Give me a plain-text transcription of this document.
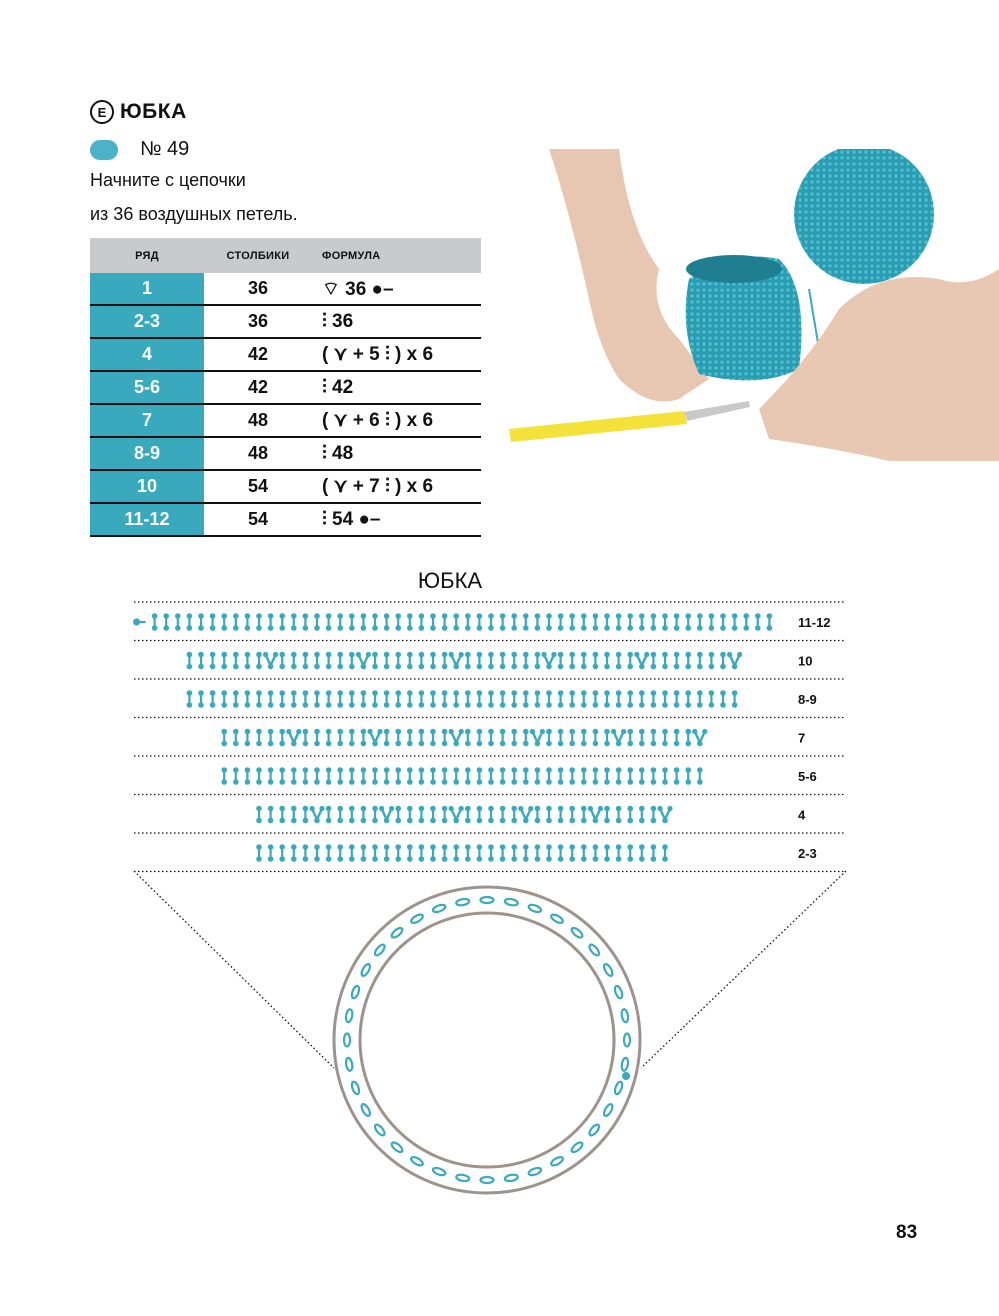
E ЮБКА
№ 49
Начните с цепочки
из 36 воздушных петель.
РЯД	СТОЛБИКИ	ФОРМУЛА
1	36	⌔ 36 ●–
2-3	36	⫶ 36
4	42	( ⋎ + 5 ⫶ ) х 6
5-6	42	⫶ 42
7	48	( ⋎ + 6 ⫶ ) х 6
8-9	48	⫶ 48
10	54	( ⋎ + 7 ⫶ ) х 6
11-12	54	⫶ 54 ●–
ЮБКА
11-12
10
8-9
7
5-6
4
2-3
83
